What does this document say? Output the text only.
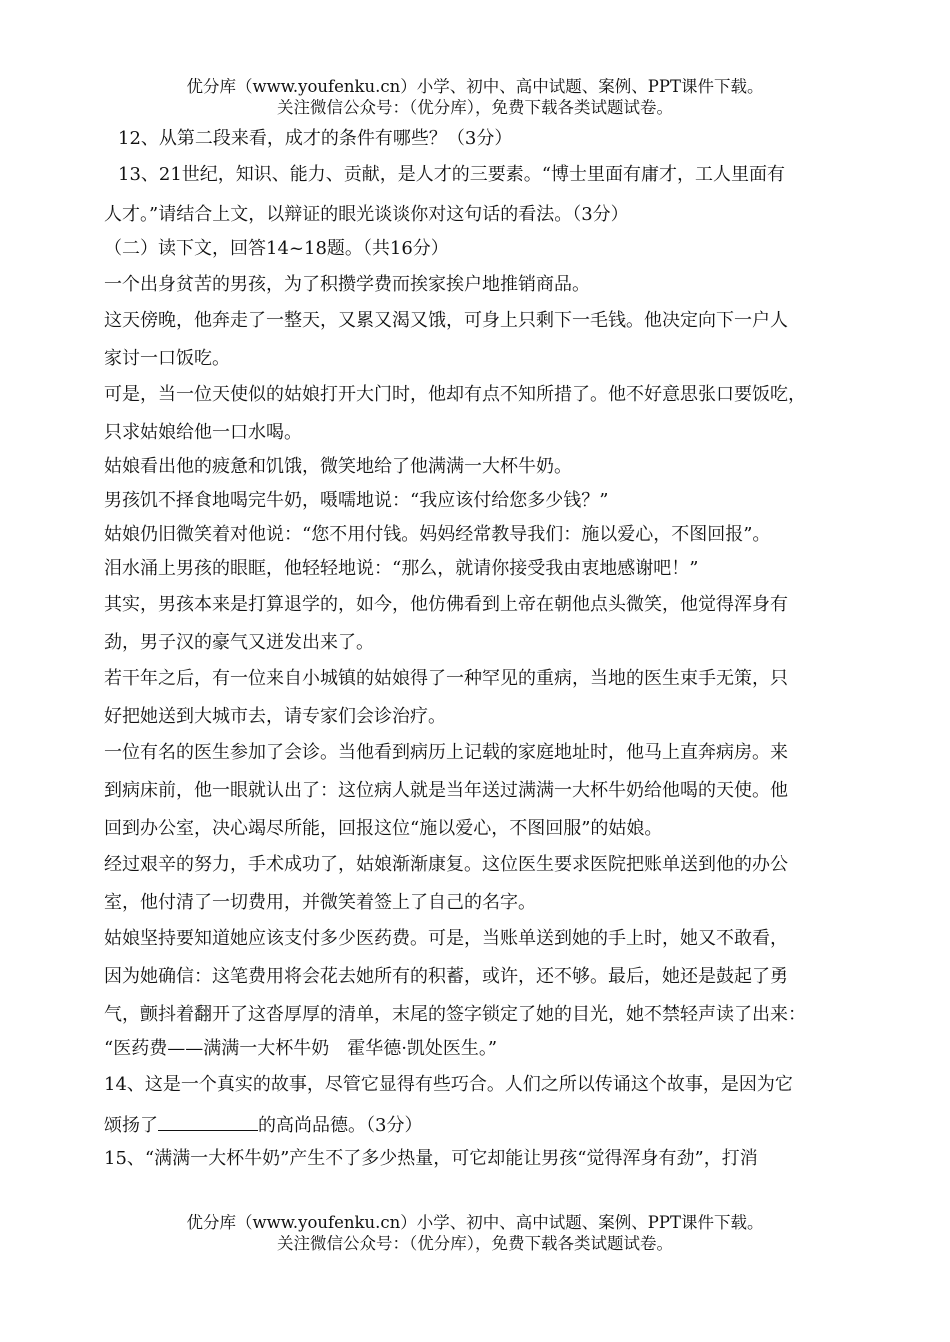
优分库（www.youfenku.cn）小学、初中、高中试题、案例、PPT课件下载。
关注微信公众号：（优分库），免费下载各类试题试卷。
12、从第二段来看，成才的条件有哪些？（3分）
13、21世纪，知识、能力、贡献，是人才的三要素。“博士里面有庸才，工人里面有
人才。”请结合上文，以辩证的眼光谈谈你对这句话的看法。（3分）
（二）读下文，回答14~18题。（共16分）
一个出身贫苦的男孩，为了积攒学费而挨家挨户地推销商品。
这天傍晚，他奔走了一整天，又累又渴又饿，可身上只剩下一毛钱。他决定向下一户人
家讨一口饭吃。
可是，当一位天使似的姑娘打开大门时，他却有点不知所措了。他不好意思张口要饭吃，
只求姑娘给他一口水喝。
姑娘看出他的疲惫和饥饿，微笑地给了他满满一大杯牛奶。
男孩饥不择食地喝完牛奶，嗫嚅地说：“我应该付给您多少钱？”
姑娘仍旧微笑着对他说：“您不用付钱。妈妈经常教导我们：施以爱心，不图回报”。
泪水涌上男孩的眼眶，他轻轻地说：“那么，就请你接受我由衷地感谢吧！”
其实，男孩本来是打算退学的，如今，他仿佛看到上帝在朝他点头微笑，他觉得浑身有
劲，男子汉的豪气又迸发出来了。
若干年之后，有一位来自小城镇的姑娘得了一种罕见的重病，当地的医生束手无策，只
好把她送到大城市去，请专家们会诊治疗。
一位有名的医生参加了会诊。当他看到病历上记载的家庭地址时，他马上直奔病房。来
到病床前，他一眼就认出了：这位病人就是当年送过满满一大杯牛奶给他喝的天使。他
回到办公室，决心竭尽所能，回报这位“施以爱心，不图回服”的姑娘。
经过艰辛的努力，手术成功了，姑娘渐渐康复。这位医生要求医院把账单送到他的办公
室，他付清了一切费用，并微笑着签上了自己的名字。
姑娘坚持要知道她应该支付多少医药费。可是，当账单送到她的手上时，她又不敢看，
因为她确信：这笔费用将会花去她所有的积蓄，或许，还不够。最后，她还是鼓起了勇
气，颤抖着翻开了这沓厚厚的清单，末尾的签字锁定了她的目光，她不禁轻声读了出来：
“医药费——满满一大杯牛奶　霍华德·凯处医生。”
14、这是一个真实的故事，尽管它显得有些巧合。人们之所以传诵这个故事，是因为它
颂扬了	的高尚品德。（3分）
15、“满满一大杯牛奶”产生不了多少热量，可它却能让男孩“觉得浑身有劲”，打消
优分库（www.youfenku.cn）小学、初中、高中试题、案例、PPT课件下载。
关注微信公众号：（优分库），免费下载各类试题试卷。
